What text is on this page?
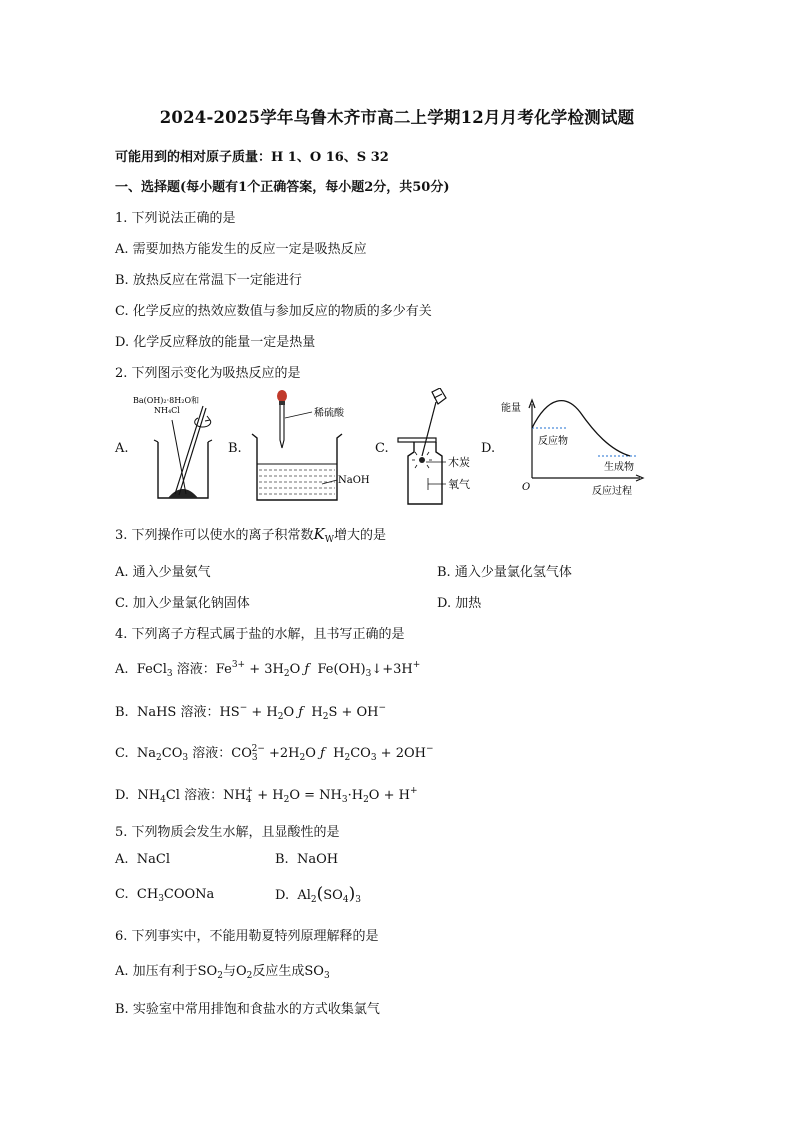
2024-2025学年乌鲁木齐市高二上学期12月月考化学检测试题
可能用到的相对原子质量：H 1、O 16、S 32
一、选择题(每小题有1个正确答案，每小题2分，共50分)
1. 下列说法正确的是
A. 需要加热方能发生的反应一定是吸热反应
B. 放热反应在常温下一定能进行
C. 化学反应的热效应数值与参加反应的物质的多少有关
D. 化学反应释放的能量一定是热量
2. 下列图示变化为吸热反应的是
A.	B.	C.	D.
Ba(OH)₂·8H₂O和
NH₄Cl	稀硫酸
NaOH
木炭
氧气
能量
反应物
生成物
O	反应过程
3. 下列操作可以使水的离子积常数$K_W$增大的是
A. 通入少量氨气	B. 通入少量氯化氢气体
C. 加入少量氯化钠固体	D. 加热
4. 下列离子方程式属于盐的水解，且书写正确的是
A.  FeCl$_3$ 溶液：$Fe^{3+} + 3H_2O$ ƒ  $Fe(OH)_3↓+3H^+$
B.  NaHS 溶液：$HS^- + H_2O$ ƒ  $H_2S + OH^-$
C.  $Na_2CO_3$ 溶液：$CO_3^{2-} +2H_2O$ ƒ  $H_2CO_3 + 2OH^-$
D.  $NH_4Cl$ 溶液：$NH_4^+ + H_2O = NH_3\cdot H_2O + H^+$
5. 下列物质会发生水解，且显酸性的是
A.  NaCl	B.  NaOH
C.  $CH_3COONa$	D.  $Al_2(SO_4)_3$
6. 下列事实中，不能用勒夏特列原理解释的是
A. 加压有利于$SO_2$与$O_2$反应生成$SO_3$
B. 实验室中常用排饱和食盐水的方式收集氯气
